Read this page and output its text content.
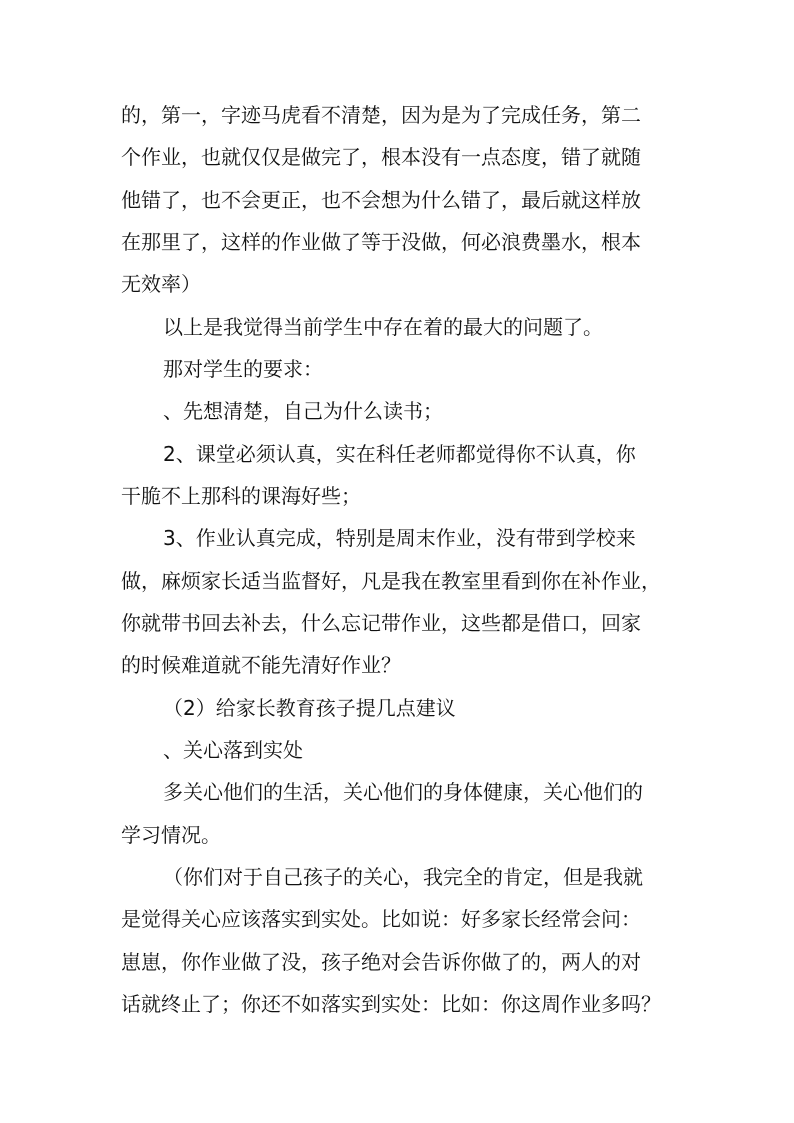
的，第一，字迹马虎看不清楚，因为是为了完成任务，第二

个作业，也就仅仅是做完了，根本没有一点态度，错了就随

他错了，也不会更正，也不会想为什么错了，最后就这样放

在那里了，这样的作业做了等于没做，何必浪费墨水，根本

无效率）

以上是我觉得当前学生中存在着的最大的问题了。

那对学生的要求：

、先想清楚，自己为什么读书；

2、课堂必须认真，实在科任老师都觉得你不认真，你

干脆不上那科的课海好些；

3、作业认真完成，特别是周末作业，没有带到学校来

做，麻烦家长适当监督好，凡是我在教室里看到你在补作业，

你就带书回去补去，什么忘记带作业，这些都是借口，回家

的时候难道就不能先清好作业？

（2）给家长教育孩子提几点建议

、关心落到实处

多关心他们的生活，关心他们的身体健康，关心他们的

学习情况。

（你们对于自己孩子的关心，我完全的肯定，但是我就

是觉得关心应该落实到实处。比如说：好多家长经常会问：

崽崽，你作业做了没，孩子绝对会告诉你做了的，两人的对

话就终止了；你还不如落实到实处：比如：你这周作业多吗？
